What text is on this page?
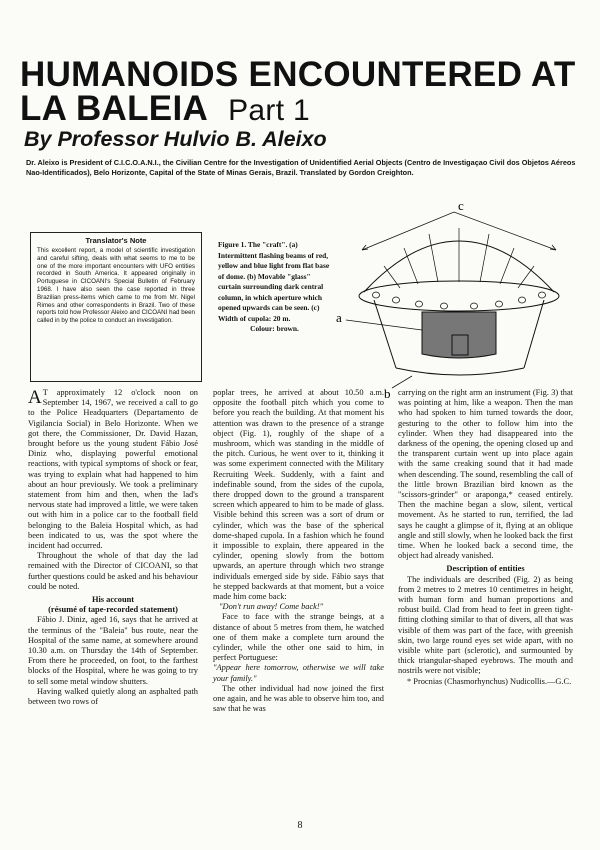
HUMANOIDS ENCOUNTERED AT
LA BALEIA Part 1
By Professor Hulvio B. Aleixo

Dr. Aleixo is President of C.I.C.O.A.N.I., the Civilian Centre for the Investigation of Unidentified Aerial Objects (Centro de Investigaçao Civil dos Objetos Aéreos Nao-Identificados), Belo Horizonte, Capital of the State of Minas Gerais, Brazil. Translated by Gordon Creighton.

Translator's Note

This excellent report, a model of scientific investigation and careful sifting, deals with what seems to me to be one of the more important encounters with UFO entities recorded in South America. It appeared originally in Portuguese in CICOANI's Special Bulletin of February 1968. I have also seen the case reported in three Brazilian press-items which came to me from Mr. Nigel Rimes and other correspondents in Brazil. Two of these reports told how Professor Aleixo and CICOANI had been called in by the police to conduct an investigation.

Figure 1. The "craft". (a) Intermittent flashing beams of red, yellow and blue light from flat base of dome. (b) Movable "glass" curtain surrounding dark central column, in which aperture which opened upwards can be seen. (c) Width of cupola: 20 m.
Colour: brown.

c
a
b

A T approximately 12 o'clock noon on September 14, 1967, we received a call to go to the Police Headquarters (Departamento de Vigilancia Social) in Belo Horizonte. When we got there, the Commissioner, Dr. David Hazan, brought before us the young student Fábio José Diniz who, displaying powerful emotional reactions, with typical symptoms of shock or fear, was trying to explain what had happened to him about an hour previously. We took a preliminary statement from him and then, when the lad's nervous state had improved a little, we were taken out with him in a police car to the football field belonging to the Baleia Hospital which, as had been indicated to us, was the spot where the incident had occurred.

Throughout the whole of that day the lad remained with the Director of CICOANI, so that further questions could be asked and his behaviour could be noted.

His account

(résumé of tape-recorded statement)

Fábio J. Diniz, aged 16, says that he arrived at the terminus of the "Baleia" bus route, near the Hospital of the same name, at somewhere around 10.30 a.m. on Thursday the 14th of September. From there he proceeded, on foot, to the farthest blocks of the Hospital, where he was going to try to sell some metal window shutters.

Having walked quietly along an asphalted path between two rows of

poplar trees, he arrived at about 10.50 a.m. opposite the football pitch which you come to before you reach the building. At that moment his attention was drawn to the presence of a strange object (Fig. 1), roughly of the shape of a mushroom, which was standing in the middle of the pitch. Curious, he went over to it, thinking it was some experiment connected with the Military Recruiting Week. Suddenly, with a faint and indefinable sound, from the sides of the cupola, there dropped down to the ground a transparent screen which appeared to him to be made of glass. Visible behind this screen was a sort of drum or cylinder, which was the base of the spherical dome-shaped cupola. In a fashion which he found it impossible to explain, there appeared in the cylinder, opening slowly from the bottom upwards, an aperture through which two strange individuals emerged side by side. Fábio says that he stepped backwards at that moment, but a voice made him come back:

"Don't run away! Come back!"

Face to face with the strange beings, at a distance of about 5 metres from them, he watched one of them make a complete turn around the cylinder, while the other one said to him, in perfect Portuguese:

"Appear here tomorrow, otherwise we will take your family."

The other individual had now joined the first one again, and he was able to observe him too, and saw that he was

carrying on the right arm an instrument (Fig. 3) that was pointing at him, like a weapon. Then the man who had spoken to him turned towards the door, gesturing to the other to follow him into the cylinder. When they had disappeared into the darkness of the opening, the opening closed up and the transparent curtain went up into place again with the same creaking sound that it had made when descending. The sound, resembling the call of the little brown Brazilian bird known as the "scissors-grinder" or araponga,* ceased entirely. Then the machine began a slow, silent, vertical movement. As he started to run, terrified, the lad says he caught a glimpse of it, flying at an oblique angle and still slowly, when he looked back the first time. When he looked back a second time, the object had already vanished.

Description of entities

The individuals are described (Fig. 2) as being from 2 metres to 2 metres 10 centimetres in height, with human form and human proportions and robust build. Clad from head to feet in green tight-fitting clothing similar to that of divers, all that was visible of them was part of the face, with greenish skin, two large round eyes set wide apart, with no visible white part (sclerotic), and surmounted by thick triangular-shaped eyebrows. The mouth and nostrils were not visible;

* Procnias (Chasmorhynchus) Nudicollis.—G.C.

8
